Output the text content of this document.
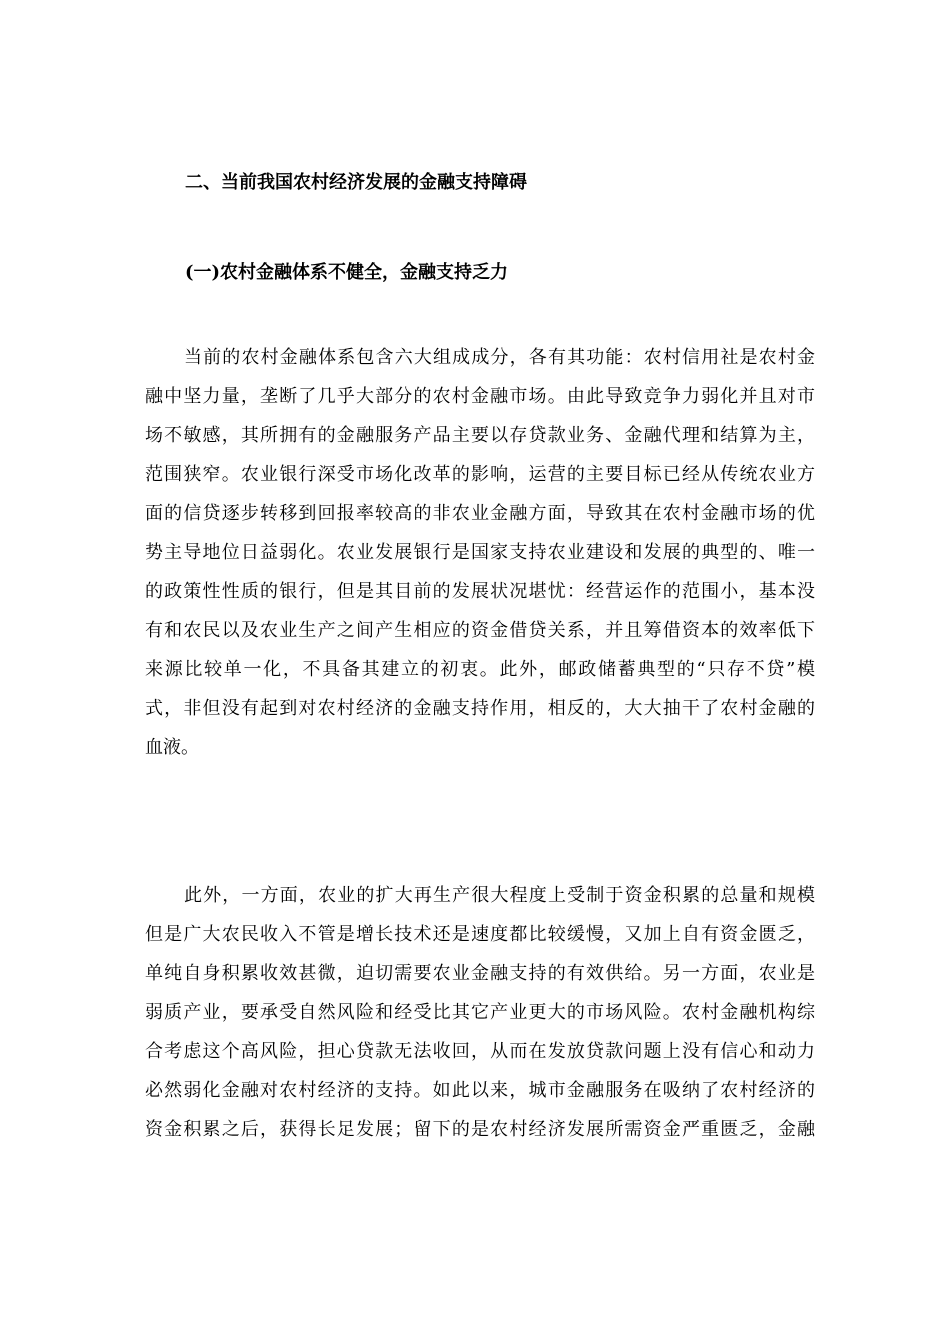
二、当前我国农村经济发展的金融支持障碍
(一)农村金融体系不健全，金融支持乏力
当前的农村金融体系包含六大组成成分，各有其功能：农村信用社是农村金
融中坚力量，垄断了几乎大部分的农村金融市场。由此导致竞争力弱化并且对市
场不敏感，其所拥有的金融服务产品主要以存贷款业务、金融代理和结算为主，
范围狭窄。农业银行深受市场化改革的影响，运营的主要目标已经从传统农业方
面的信贷逐步转移到回报率较高的非农业金融方面，导致其在农村金融市场的优
势主导地位日益弱化。农业发展银行是国家支持农业建设和发展的典型的、唯一
的政策性性质的银行，但是其目前的发展状况堪忧：经营运作的范围小，基本没
有和农民以及农业生产之间产生相应的资金借贷关系，并且筹借资本的效率低下
来源比较单一化，不具备其建立的初衷。此外，邮政储蓄典型的“只存不贷”模
式，非但没有起到对农村经济的金融支持作用，相反的，大大抽干了农村金融的
血液。
此外，一方面，农业的扩大再生产很大程度上受制于资金积累的总量和规模
但是广大农民收入不管是增长技术还是速度都比较缓慢，又加上自有资金匮乏，
单纯自身积累收效甚微，迫切需要农业金融支持的有效供给。另一方面，农业是
弱质产业，要承受自然风险和经受比其它产业更大的市场风险。农村金融机构综
合考虑这个高风险，担心贷款无法收回，从而在发放贷款问题上没有信心和动力
必然弱化金融对农村经济的支持。如此以来，城市金融服务在吸纳了农村经济的
资金积累之后，获得长足发展；留下的是农村经济发展所需资金严重匮乏，金融
